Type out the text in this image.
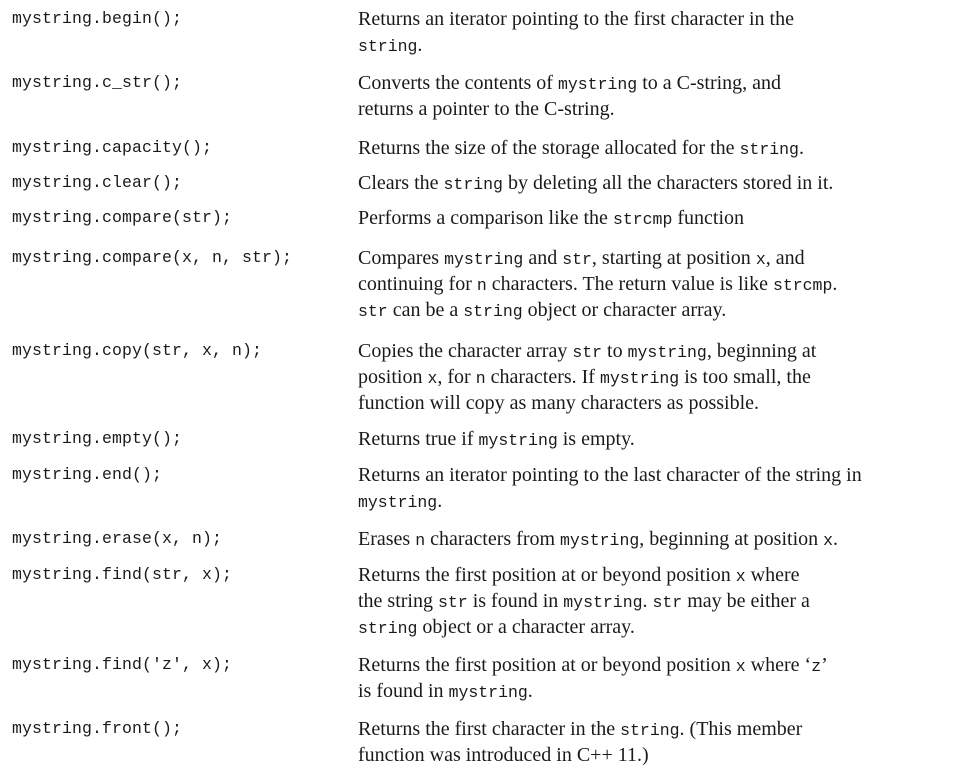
mystring.begin();	Returns an iterator pointing to the first character in the
string.
mystring.c_str();	Converts the contents of mystring to a C-string, and
returns a pointer to the C-string.
mystring.capacity();	Returns the size of the storage allocated for the string.
mystring.clear();	Clears the string by deleting all the characters stored in it.
mystring.compare(str);	Performs a comparison like the strcmp function
mystring.compare(x, n, str);	Compares mystring and str, starting at position x, and
continuing for n characters. The return value is like strcmp.
str can be a string object or character array.
mystring.copy(str, x, n);	Copies the character array str to mystring, beginning at
position x, for n characters. If mystring is too small, the
function will copy as many characters as possible.
mystring.empty();	Returns true if mystring is empty.
mystring.end();	Returns an iterator pointing to the last character of the string in
mystring.
mystring.erase(x, n);	Erases n characters from mystring, beginning at position x.
mystring.find(str, x);	Returns the first position at or beyond position x where
the string str is found in mystring. str may be either a
string object or a character array.
mystring.find('z', x);	Returns the first position at or beyond position x where ‘z’
is found in mystring.
mystring.front();	Returns the first character in the string. (This member
function was introduced in C++ 11.)
